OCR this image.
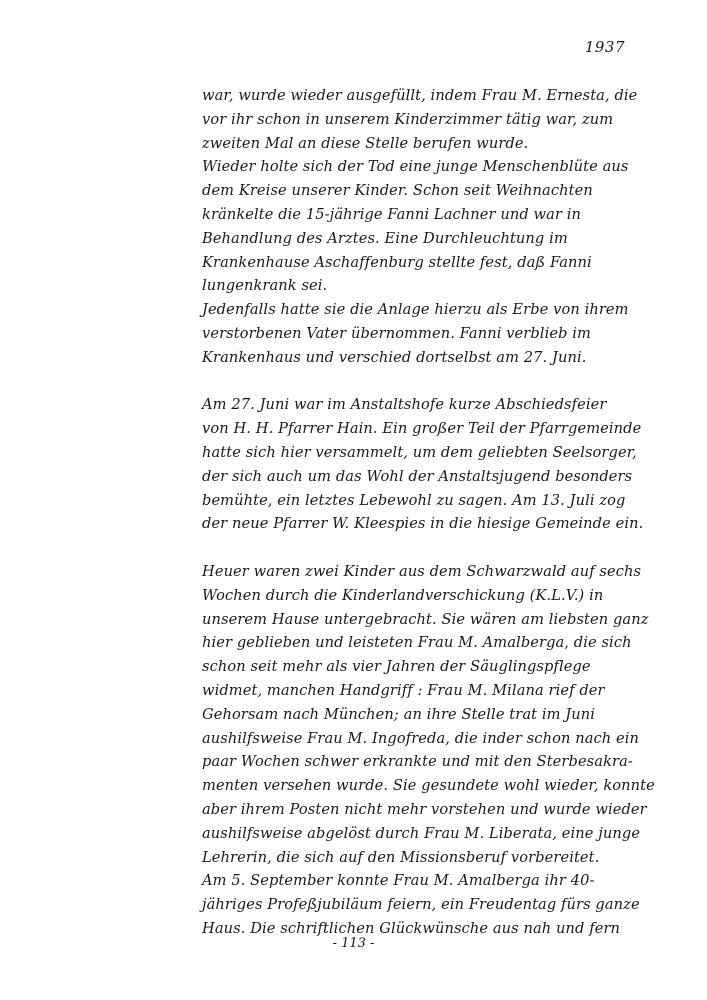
1937
war, wurde wieder ausgefüllt, indem Frau M. Ernesta, die
vor ihr schon in unserem Kinderzimmer tätig war, zum
zweiten Mal an diese Stelle berufen wurde.
Wieder holte sich der Tod eine junge Menschenblüte aus
dem Kreise unserer Kinder. Schon seit Weihnachten
kränkelte die 15-jährige Fanni Lachner und war in
Behandlung des Arztes. Eine Durchleuchtung im
Krankenhause Aschaffenburg stellte fest, daß Fanni
lungenkrank sei.
Jedenfalls hatte sie die Anlage hierzu als Erbe von ihrem
verstorbenen Vater übernommen. Fanni verblieb im
Krankenhaus und verschied dortselbst am 27. Juni.
Am 27. Juni war im Anstaltshofe kurze Abschiedsfeier
von H. H. Pfarrer Hain. Ein großer Teil der Pfarrgemeinde
hatte sich hier versammelt, um dem geliebten Seelsorger,
der sich auch um das Wohl der Anstaltsjugend besonders
bemühte, ein letztes Lebewohl zu sagen. Am 13. Juli zog
der neue Pfarrer W. Kleespies in die hiesige Gemeinde ein.
Heuer waren zwei Kinder aus dem Schwarzwald auf sechs
Wochen durch die Kinderlandverschickung (K.L.V.) in
unserem Hause untergebracht. Sie wären am liebsten ganz
hier geblieben und leisteten Frau M. Amalberga, die sich
schon seit mehr als vier Jahren der Säuglingspflege
widmet, manchen Handgriff : Frau M. Milana rief der
Gehorsam nach München; an ihre Stelle trat im Juni
aushilfsweise Frau M. Ingofreda, die inder schon nach ein
paar Wochen schwer erkrankte und mit den Sterbesakra-
menten versehen wurde. Sie gesundete wohl wieder, konnte
aber ihrem Posten nicht mehr vorstehen und wurde wieder
aushilfsweise abgelöst durch Frau M. Liberata, eine junge
Lehrerin, die sich auf den Missionsberuf vorbereitet.
Am 5. September konnte Frau M. Amalberga ihr 40-
jähriges Profeßjubiläum feiern, ein Freudentag fürs ganze
Haus. Die schriftlichen Glückwünsche aus nah und fern
- 113 -
